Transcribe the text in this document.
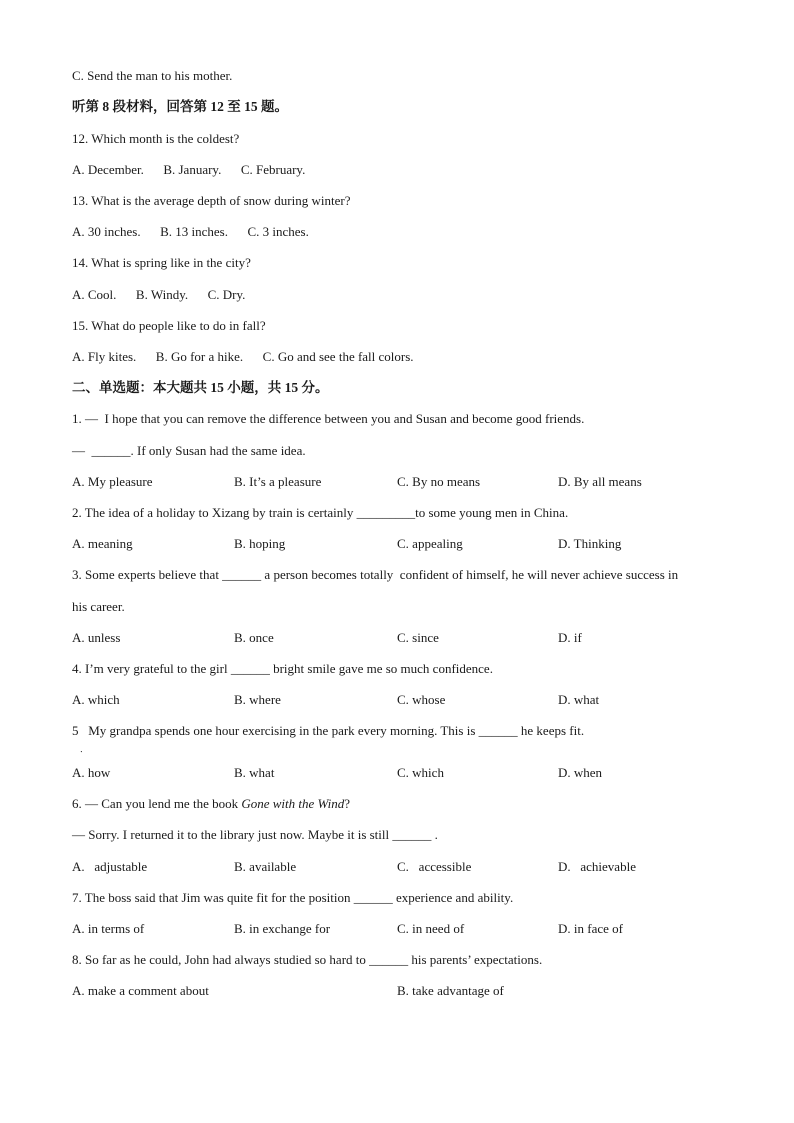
C. Send the man to his mother.
听第 8 段材料，回答第 12 至 15 题。
12. Which month is the coldest?
A. December.      B. January.      C. February.
13. What is the average depth of snow during winter?
A. 30 inches.      B. 13 inches.      C. 3 inches.
14. What is spring like in the city?
A. Cool.      B. Windy.      C. Dry.
15. What do people like to do in fall?
A. Fly kites.      B. Go for a hike.      C. Go and see the fall colors.
二、单选题：本大题共 15 小题，共 15 分。
1. —  I hope that you can remove the difference between you and Susan and become good friends.
—  ______. If only Susan had the same idea.
A. My pleasure	B. It’s a pleasure	C. By no means	D. By all means
2. The idea of a holiday to Xizang by train is certainly _________to some young men in China.
A. meaning	B. hoping	C. appealing	D. Thinking
3. Some experts believe that ______ a person becomes totally  confident of himself, he will never achieve success in
his career.
A. unless	B. once	C. since	D. if
4. I’m very grateful to the girl ______ bright smile gave me so much confidence.
A. which	B. where	C. whose	D. what
5   My grandpa spends one hour exercising in the park every morning. This is ______ he keeps fit.
．
A. how	B. what	C. which	D. when
6. — Can you lend me the book Gone with the Wind?
— Sorry. I returned it to the library just now. Maybe it is still ______ .
A.   adjustable	B. available	C.   accessible	D.   achievable
7. The boss said that Jim was quite fit for the position ______ experience and ability.
A. in terms of	B. in exchange for	C. in need of	D. in face of
8. So far as he could, John had always studied so hard to ______ his parents’ expectations.
A. make a comment about	B. take advantage of
